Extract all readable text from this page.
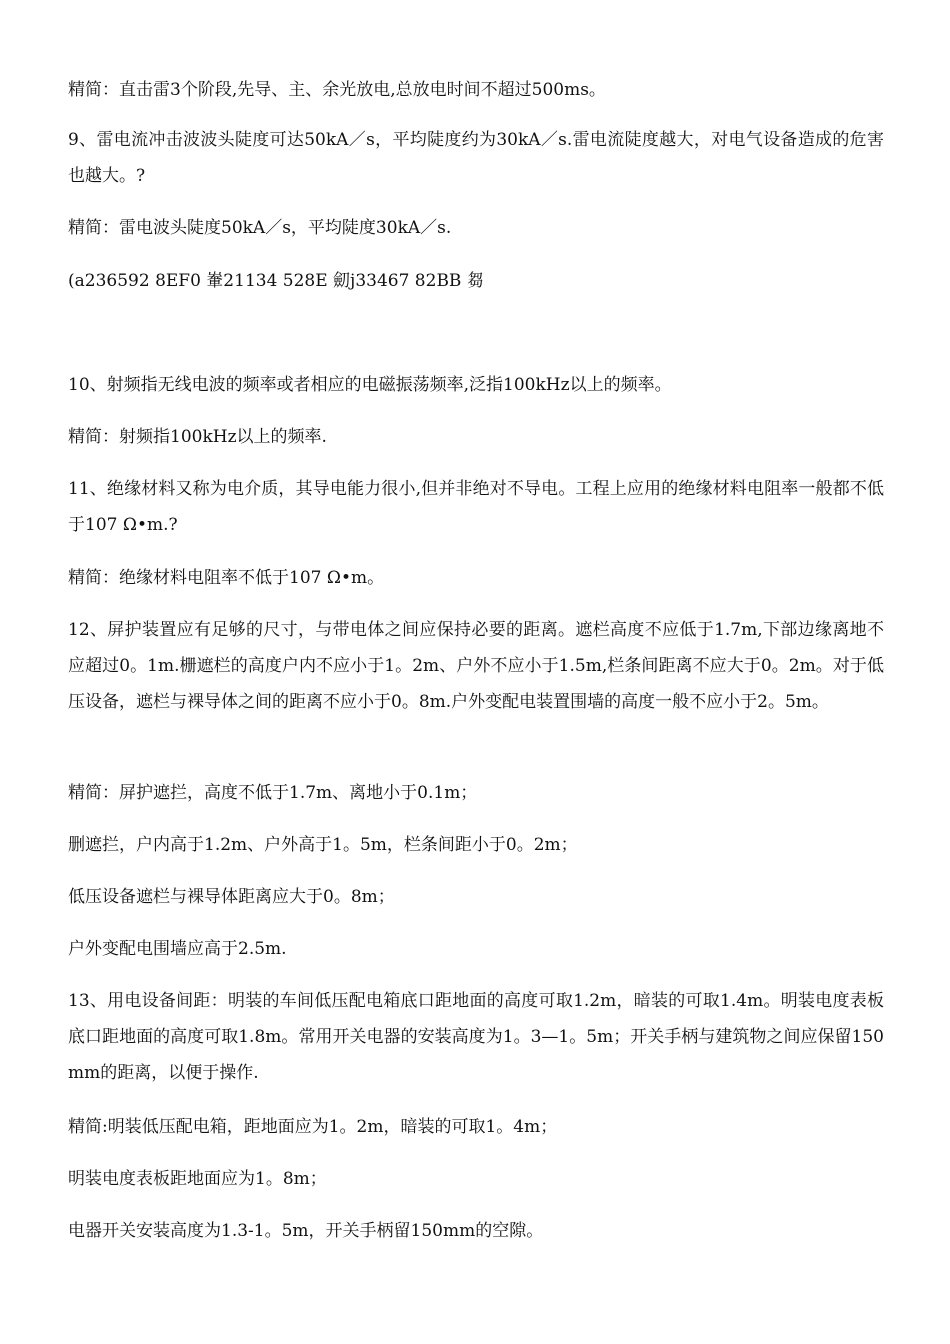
精简：直击雷3个阶段,先导、主、余光放电,总放电时间不超过500ms。

9、雷电流冲击波波头陡度可达50kA／s，平均陡度约为30kA／s.雷电流陡度越大，对电气设备造成的危害也越大。?

精简：雷电波头陡度50kA／s，平均陡度30kA／s.

(a236592 8EF0 輋21134 528E 劎j33467 82BB 芻

10、射频指无线电波的频率或者相应的电磁振荡频率,泛指100kHz以上的频率。

精简：射频指100kHz以上的频率.

11、绝缘材料又称为电介质，其导电能力很小,但并非绝对不导电。工程上应用的绝缘材料电阻率一般都不低于107 Ω•m.?

精简：绝缘材料电阻率不低于107 Ω•m。

12、屏护装置应有足够的尺寸，与带电体之间应保持必要的距离。遮栏高度不应低于1.7m,下部边缘离地不应超过0。1m.栅遮栏的高度户内不应小于1。2m、户外不应小于1.5m,栏条间距离不应大于0。2m。对于低压设备，遮栏与裸导体之间的距离不应小于0。8m.户外变配电装置围墙的高度一般不应小于2。5m。

精简：屏护遮拦，高度不低于1.7m、离地小于0.1m；

删遮拦，户内高于1.2m、户外高于1。5m，栏条间距小于0。2m；

低压设备遮栏与裸导体距离应大于0。8m；

户外变配电围墙应高于2.5m.

13、用电设备间距：明装的车间低压配电箱底口距地面的高度可取1.2m，暗装的可取1.4m。明装电度表板底口距地面的高度可取1.8m。常用开关电器的安装高度为1。3—1。5m；开关手柄与建筑物之间应保留150mm的距离，以便于操作.

精简:明装低压配电箱，距地面应为1。2m，暗装的可取1。4m；

明装电度表板距地面应为1。8m；

电器开关安装高度为1.3-1。5m，开关手柄留150mm的空隙。
